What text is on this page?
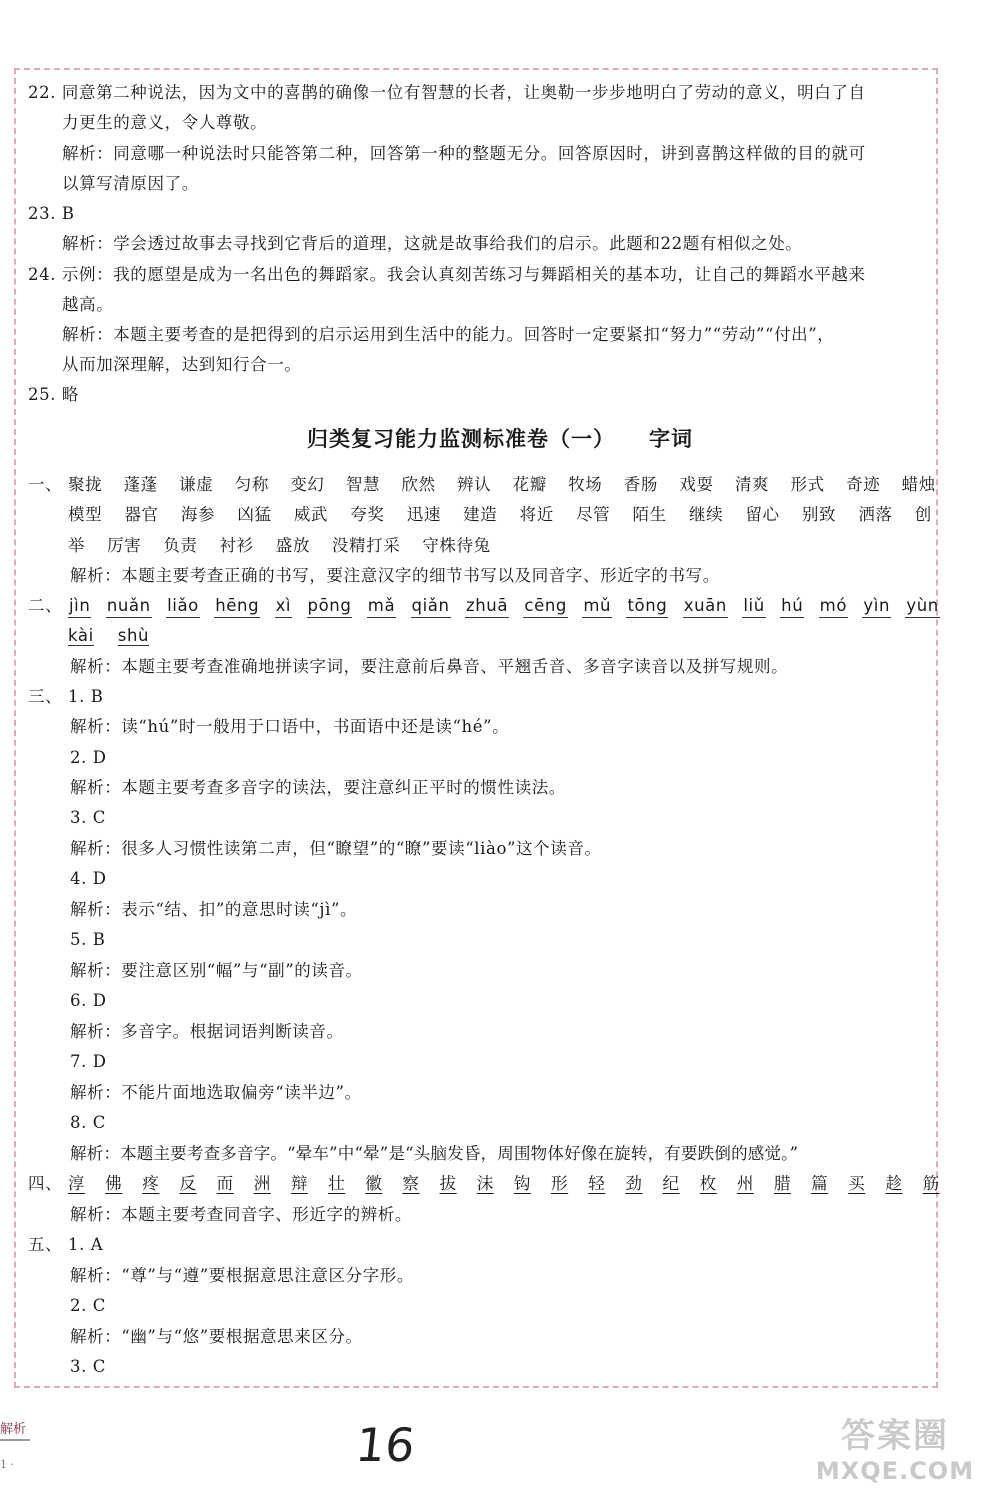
22. 同意第二种说法，因为文中的喜鹊的确像一位有智慧的长者，让奥勒一步步地明白了劳动的意义，明白了自
力更生的意义，令人尊敬。
解析：同意哪一种说法时只能答第二种，回答第一种的整题无分。回答原因时，讲到喜鹊这样做的目的就可
以算写清原因了。
23. B
解析：学会透过故事去寻找到它背后的道理，这就是故事给我们的启示。此题和22题有相似之处。
24. 示例：我的愿望是成为一名出色的舞蹈家。我会认真刻苦练习与舞蹈相关的基本功，让自己的舞蹈水平越来
越高。
解析：本题主要考查的是把得到的启示运用到生活中的能力。回答时一定要紧扣“努力”“劳动”“付出”，
从而加深理解，达到知行合一。
25. 略
归类复习能力监测标准卷（一） 字词
一、 聚拢 蓬蓬 谦虚 匀称 变幻 智慧 欣然 辨认 花瓣 牧场 香肠 戏耍 清爽 形式 奇迹 蜡烛
模型 器官 海参 凶猛 威武 夸奖 迅速 建造 将近 尽管 陌生 继续 留心 别致 洒落 创
举 厉害 负责 衬衫 盛放 没精打采 守株待兔
解析：本题主要考查正确的书写，要注意汉字的细节书写以及同音字、形近字的书写。
二、 jìn nuǎn liǎo hēng xì pōng mǎ qiǎn zhuā cēng mǔ tōng xuān liǔ hú mó yìn yùn
kài shù
解析：本题主要考查准确地拼读字词，要注意前后鼻音、平翘舌音、多音字读音以及拼写规则。
三、 1. B
解析：读“hú”时一般用于口语中，书面语中还是读“hé”。
2. D
解析：本题主要考查多音字的读法，要注意纠正平时的惯性读法。
3. C
解析：很多人习惯性读第二声，但“瞭望”的“瞭”要读“liào”这个读音。
4. D
解析：表示“结、扣”的意思时读“jì”。
5. B
解析：要注意区别“幅”与“副”的读音。
6. D
解析：多音字。根据词语判断读音。
7. D
解析：不能片面地选取偏旁“读半边”。
8. C
解析：本题主要考查多音字。“晕车”中“晕”是“头脑发昏，周围物体好像在旋转，有要跌倒的感觉。”
四、 淳 佛 疼 反 而 洲 辩 壮 徽 察 拔 沫 钩 形 轻 劲 纪 枚 州 腊 篇 买 趁 筋
解析：本题主要考查同音字、形近字的辨析。
五、 1. A
解析：“尊”与“遵”要根据意思注意区分字形。
2. C
解析：“幽”与“悠”要根据意思来区分。
3. C
解析
1 ·	16	答案圈
MXQE.COM
